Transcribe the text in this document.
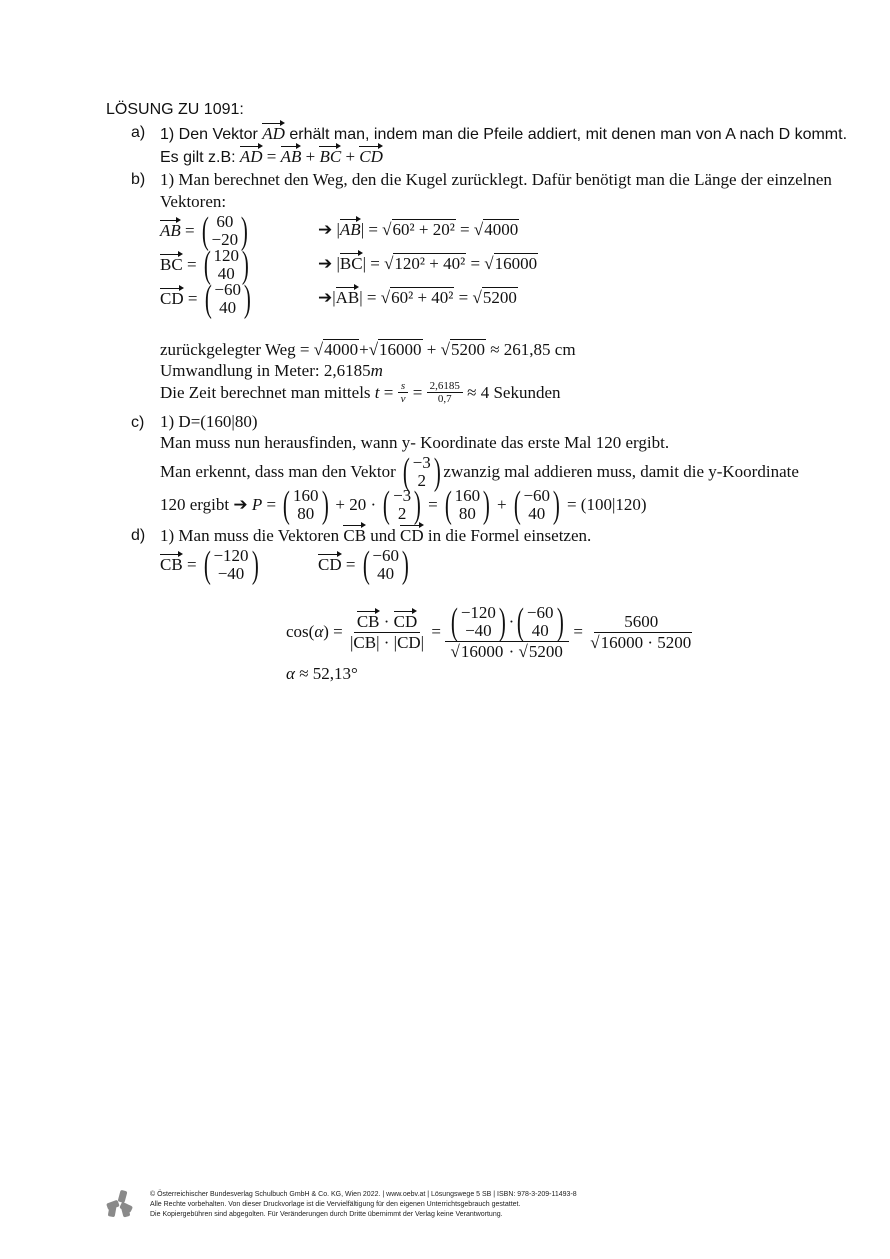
LÖSUNG ZU 1091:
a) 1) Den Vektor AD erhält man, indem man die Pfeile addiert, mit denen man von A nach D kommt.
Es gilt z.B: AD = AB + BC + CD
b) 1) Man berechnet den Weg, den die Kugel zurücklegt. Dafür benötigt man die Länge der einzelnen
Vektoren:
AB = ( 60
−20 )	➔ |AB| = √60² + 20² = √4000
BC = ( 120
40 )	➔ |BC| = √120² + 40² = √16000
CD = ( −60
40 )	➔|AB| = √60² + 40² = √5200
zurückgelegter Weg = √4000+√16000 + √5200 ≈ 261,85 cm
Umwandlung in Meter: 2,6185m
Die Zeit berechnet man mittels
$t = \frac{s}{v} = \frac{2,6185}{0,7}$
≈ 4 Sekunden
c) 1) D=(160|80)
Man muss nun herausfinden, wann y- Koordinate das erste Mal 120 ergibt.
Man erkennt, dass man den Vektor
( −3
2 ) zwanzig mal addieren muss, damit die y-Koordinate
120 ergibt
➔
P = ( 160
80 )
+ 20 ·
( −3
2 ) = ( 160
80 ) + ( −60
40 )
= (100|120)
d) 1) Man muss die Vektoren CB und CD in die Formel einsetzen.
CB = ( −120
−40 )	CD = ( −60
40 )
cos( α ) =
$\frac{CB \cdot CD}{|CB| \cdot |CD|}$ = ( −120
−40 ) · ( −60
40 )
$√16000 \cdot √5200 = \frac{5600}{√16000 \cdot 5200}$
α ≈ 52,13°
© Österreichischer Bundesverlag Schulbuch GmbH & Co. KG, Wien 2022. | www.oebv.at | Lösungswege 5 SB | ISBN: 978-3-209-11493-8
Alle Rechte vorbehalten. Von dieser Druckvorlage ist die Vervielfältigung für den eigenen Unterrichtsgebrauch gestattet.
Die Kopiergebühren sind abgegolten. Für Veränderungen durch Dritte übernimmt der Verlag keine Verantwortung.
